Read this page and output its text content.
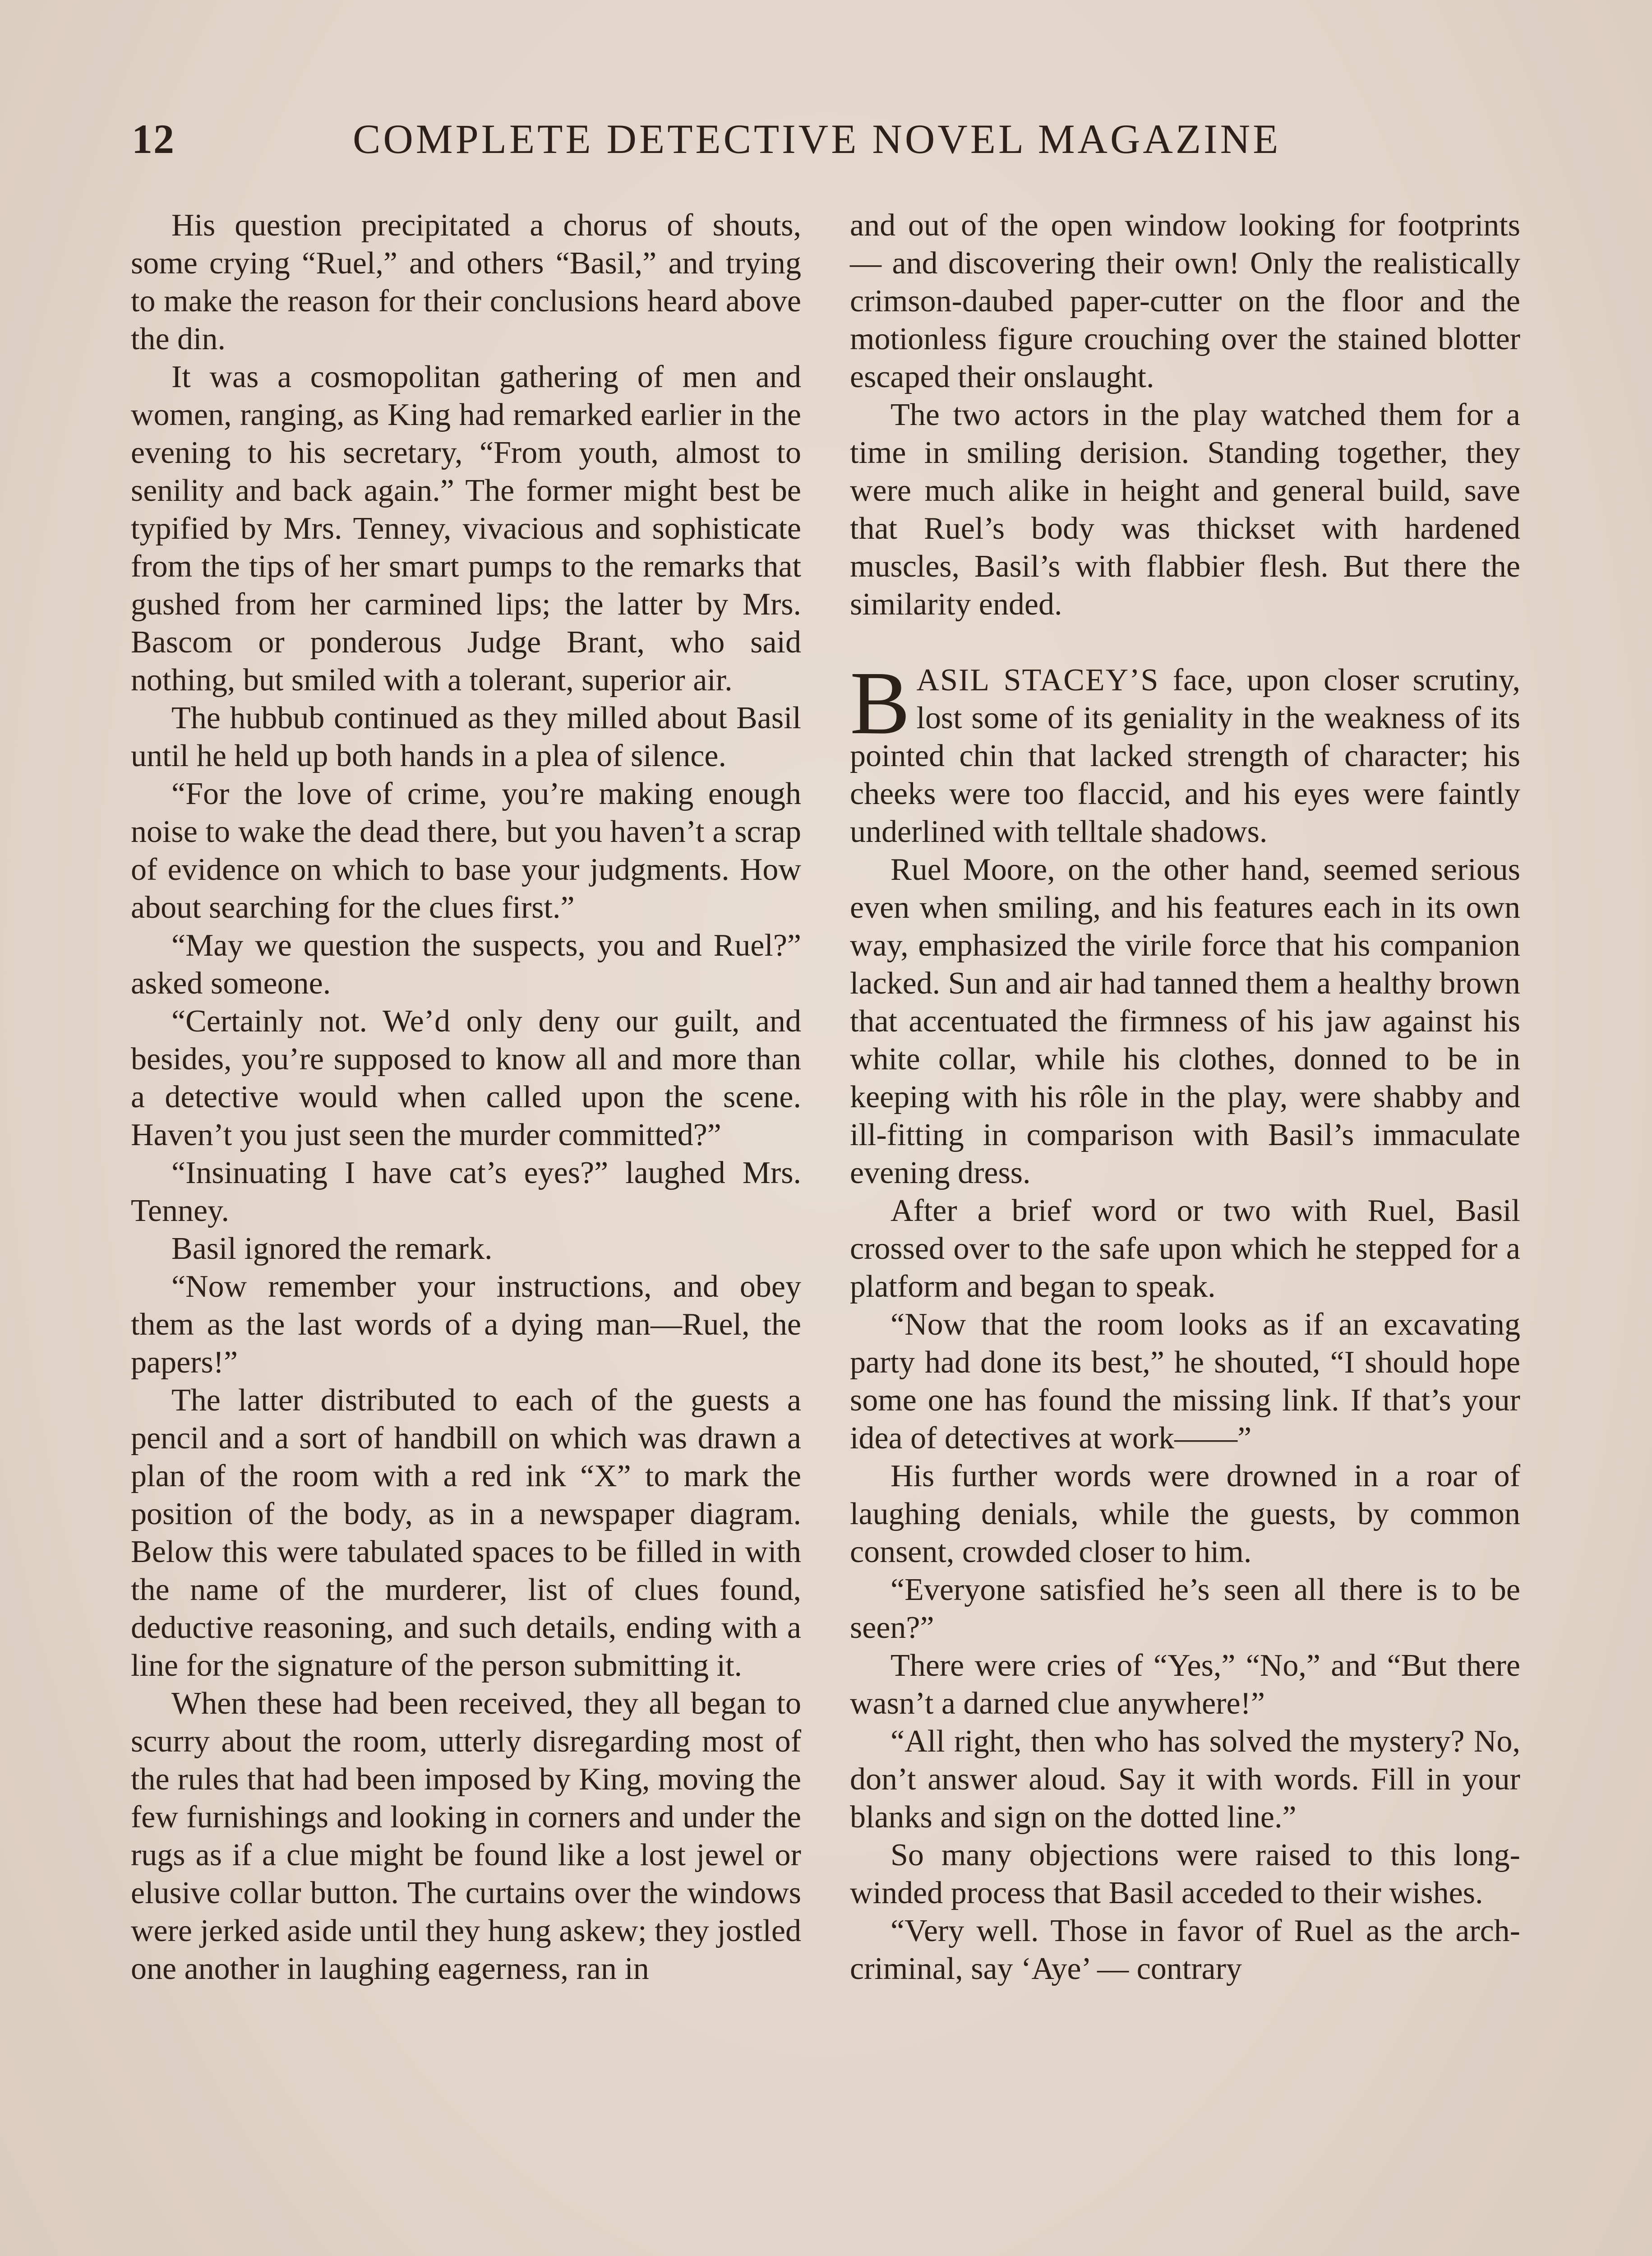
12	COMPLETE DETECTIVE NOVEL MAGAZINE

His question precipitated a chorus of shouts, some crying “Ruel,” and others “Basil,” and trying to make the reason for their conclusions heard above the din.

It was a cosmopolitan gathering of men and women, ranging, as King had remarked earlier in the evening to his secretary, “From youth, almost to senility and back again.” The former might best be typified by Mrs. Tenney, vivacious and sophisticate from the tips of her smart pumps to the remarks that gushed from her carmined lips; the latter by Mrs. Bascom or ponderous Judge Brant, who said nothing, but smiled with a tolerant, superior air.

The hubbub continued as they milled about Basil until he held up both hands in a plea of silence.

“For the love of crime, you’re making enough noise to wake the dead there, but you haven’t a scrap of evidence on which to base your judgments. How about searching for the clues first.”

“May we question the suspects, you and Ruel?” asked someone.

“Certainly not. We’d only deny our guilt, and besides, you’re supposed to know all and more than a detective would when called upon the scene. Haven’t you just seen the murder committed?”

“Insinuating I have cat’s eyes?” laughed Mrs. Tenney.

Basil ignored the remark.

“Now remember your instructions, and obey them as the last words of a dying man—Ruel, the papers!”

The latter distributed to each of the guests a pencil and a sort of handbill on which was drawn a plan of the room with a red ink “X” to mark the position of the body, as in a newspaper diagram. Below this were tabulated spaces to be filled in with the name of the murderer, list of clues found, deductive reasoning, and such details, ending with a line for the signature of the person submitting it.

When these had been received, they all began to scurry about the room, utterly disregarding most of the rules that had been imposed by King, moving the few furnishings and looking in corners and under the rugs as if a clue might be found like a lost jewel or elusive collar button. The curtains over the windows were jerked aside until they hung askew; they jostled one another in laughing eagerness, ran in

and out of the open window looking for footprints — and discovering their own! Only the realistically crimson-daubed paper-cutter on the floor and the motionless figure crouching over the stained blotter escaped their onslaught.

The two actors in the play watched them for a time in smiling derision. Standing together, they were much alike in height and general build, save that Ruel’s body was thickset with hardened muscles, Basil’s with flabbier flesh. But there the similarity ended.

BASIL STACEY’S face, upon closer scrutiny, lost some of its geniality in the weakness of its pointed chin that lacked strength of character; his cheeks were too flaccid, and his eyes were faintly underlined with telltale shadows.

Ruel Moore, on the other hand, seemed serious even when smiling, and his features each in its own way, emphasized the virile force that his companion lacked. Sun and air had tanned them a healthy brown that accentuated the firmness of his jaw against his white collar, while his clothes, donned to be in keeping with his rôle in the play, were shabby and ill-fitting in comparison with Basil’s immaculate evening dress.

After a brief word or two with Ruel, Basil crossed over to the safe upon which he stepped for a platform and began to speak.

“Now that the room looks as if an excavating party had done its best,” he shouted, “I should hope some one has found the missing link. If that’s your idea of detectives at work——”

His further words were drowned in a roar of laughing denials, while the guests, by common consent, crowded closer to him.

“Everyone satisfied he’s seen all there is to be seen?”

There were cries of “Yes,” “No,” and “But there wasn’t a darned clue anywhere!”

“All right, then who has solved the mystery? No, don’t answer aloud. Say it with words. Fill in your blanks and sign on the dotted line.”

So many objections were raised to this long-winded process that Basil acceded to their wishes.

“Very well. Those in favor of Ruel as the arch-criminal, say ‘Aye’ — contrary
